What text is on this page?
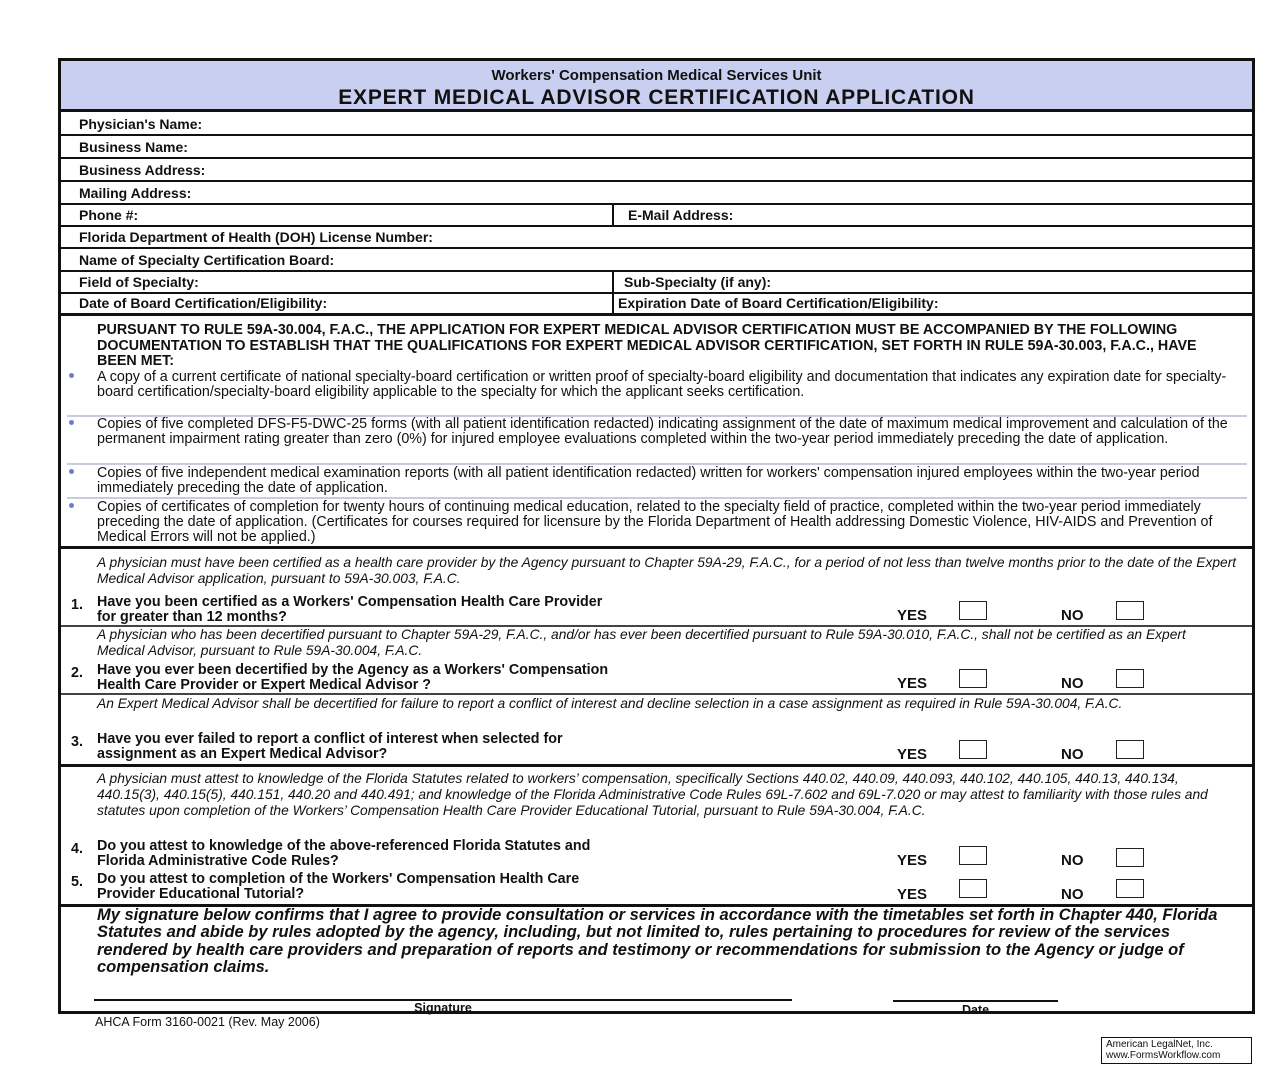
Workers' Compensation Medical Services Unit
EXPERT MEDICAL ADVISOR CERTIFICATION APPLICATION
Physician's Name:
Business Name:
Business Address:
Mailing Address:
Phone #:	E-Mail Address:
Florida Department of Health (DOH) License Number:
Name of Specialty Certification Board:
Field of Specialty:	Sub-Specialty (if any):
Date of Board Certification/Eligibility:	Expiration Date of Board Certification/Eligibility:
PURSUANT TO RULE 59A-30.004, F.A.C., THE APPLICATION FOR EXPERT MEDICAL ADVISOR CERTIFICATION MUST BE ACCOMPANIED BY THE FOLLOWING DOCUMENTATION TO ESTABLISH THAT THE QUALIFICATIONS FOR EXPERT MEDICAL ADVISOR CERTIFICATION, SET FORTH IN RULE 59A-30.003, F.A.C., HAVE BEEN MET:
A copy of a current certificate of national specialty-board certification or written proof of specialty-board eligibility and documentation that indicates any expiration date for specialty-board certification/specialty-board eligibility applicable to the specialty for which the applicant seeks certification.
Copies of five completed DFS-F5-DWC-25 forms (with all patient identification redacted) indicating assignment of the date of maximum medical improvement and calculation of the permanent impairment rating greater than zero (0%) for injured employee evaluations completed within the two-year period immediately preceding the date of application.
Copies of five independent medical examination reports (with all patient identification redacted) written for workers' compensation injured employees within the two-year period immediately preceding the date of application.
Copies of certificates of completion for twenty hours of continuing medical education, related to the specialty field of practice, completed within the two-year period immediately preceding the date of application. (Certificates for courses required for licensure by the Florida Department of Health addressing Domestic Violence, HIV-AIDS and Prevention of Medical Errors will not be applied.)
A physician must have been certified as a health care provider by the Agency pursuant to Chapter 59A-29, F.A.C., for a period of not less than twelve months prior to the date of the Expert Medical Advisor application, pursuant to 59A-30.003, F.A.C.
1. Have you been certified as a Workers' Compensation Health Care Provider
for greater than 12 months?	YES	NO
A physician who has been decertified pursuant to Chapter 59A-29, F.A.C., and/or has ever been decertified pursuant to Rule 59A-30.010, F.A.C., shall not be certified as an Expert Medical Advisor, pursuant to Rule 59A-30.004, F.A.C.
2. Have you ever been decertified by the Agency as a Workers' Compensation
Health Care Provider or Expert Medical Advisor ?	YES	NO
An Expert Medical Advisor shall be decertified for failure to report a conflict of interest and decline selection in a case assignment as required in Rule 59A-30.004, F.A.C.
3. Have you ever failed to report a conflict of interest when selected for
assignment as an Expert Medical Advisor?	YES	NO
A physician must attest to knowledge of the Florida Statutes related to workers’ compensation, specifically Sections 440.02, 440.09, 440.093, 440.102, 440.105, 440.13, 440.134, 440.15(3), 440.15(5), 440.151, 440.20 and 440.491; and knowledge of the Florida Administrative Code Rules 69L-7.602 and 69L-7.020 or may attest to familiarity with those rules and statutes upon completion of the Workers’ Compensation Health Care Provider Educational Tutorial, pursuant to Rule 59A-30.004, F.A.C.
4. Do you attest to knowledge of the above-referenced Florida Statutes and
Florida Administrative Code Rules?	YES	NO
5. Do you attest to completion of the Workers' Compensation Health Care
Provider Educational Tutorial?	YES	NO
My signature below confirms that I agree to provide consultation or services in accordance with the timetables set forth in Chapter 440, Florida Statutes and abide by rules adopted by the agency, including, but not limited to, rules pertaining to procedures for review of the services rendered by health care providers and preparation of reports and testimony or recommendations for submission to the Agency or judge of compensation claims.
Signature	Date
AHCA Form 3160-0021 (Rev. May 2006)
American LegalNet, Inc.
www.FormsWorkflow.com
